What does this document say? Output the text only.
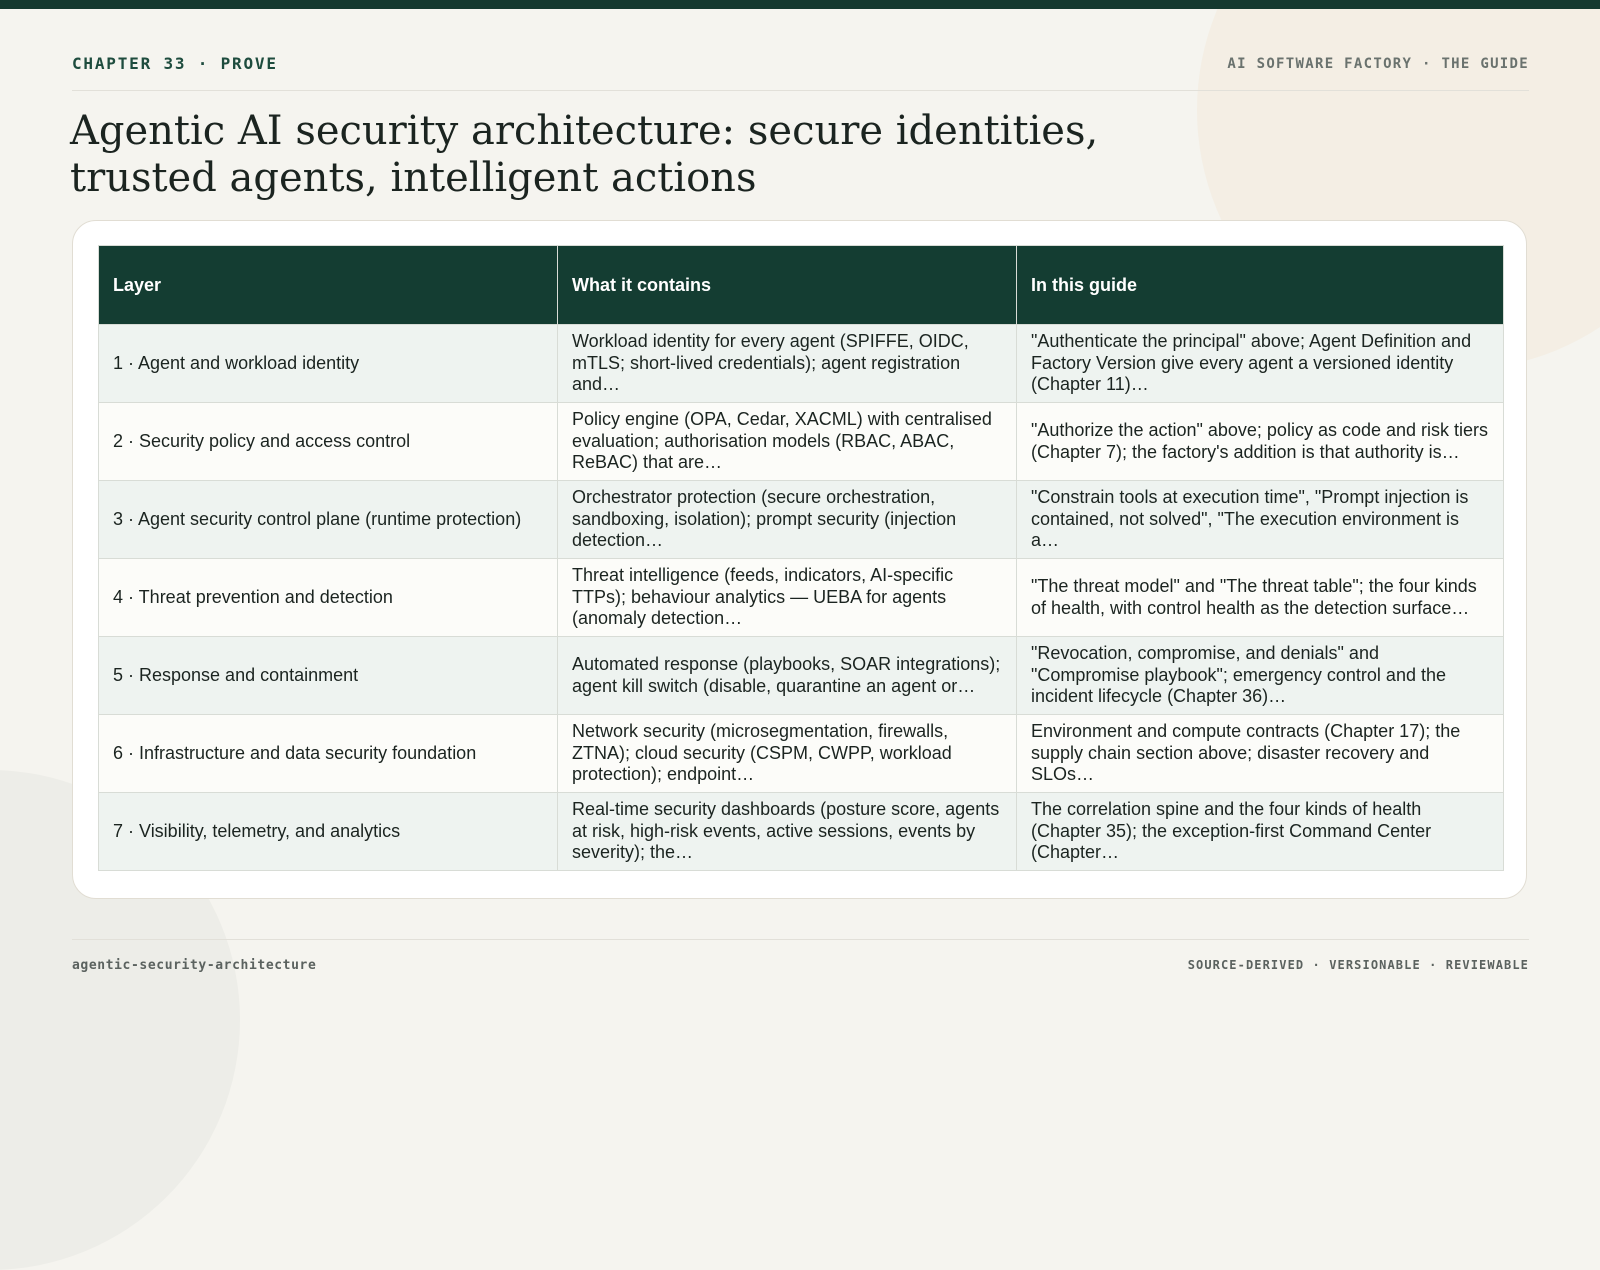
CHAPTER 33 · PROVE	AI SOFTWARE FACTORY · THE GUIDE
Agentic AI security architecture: secure identities,
trusted agents, intelligent actions
Layer	What it contains	In this guide

1 · Agent and workload identity	Workload identity for every agent (SPIFFE, OIDC, mTLS; short-lived credentials); agent registration and…	"Authenticate the principal" above; Agent Definition and Factory Version give every agent a versioned identity (Chapter 11)…

2 · Security policy and access control	Policy engine (OPA, Cedar, XACML) with centralised evaluation; authorisation models (RBAC, ABAC, ReBAC) that are…	"Authorize the action" above; policy as code and risk tiers (Chapter 7); the factory's addition is that authority is…

3 · Agent security control plane (runtime protection)	Orchestrator protection (secure orchestration, sandboxing, isolation); prompt security (injection detection…	"Constrain tools at execution time", "Prompt injection is contained, not solved", "The execution environment is a…

4 · Threat prevention and detection	Threat intelligence (feeds, indicators, AI-specific TTPs); behaviour analytics — UEBA for agents (anomaly detection…	"The threat model" and "The threat table"; the four kinds of health, with control health as the detection surface…

5 · Response and containment	Automated response (playbooks, SOAR integrations); agent kill switch (disable, quarantine an agent or…	"Revocation, compromise, and denials" and "Compromise playbook"; emergency control and the incident lifecycle (Chapter 36)…

6 · Infrastructure and data security foundation	Network security (microsegmentation, firewalls, ZTNA); cloud security (CSPM, CWPP, workload protection); endpoint…	Environment and compute contracts (Chapter 17); the supply chain section above; disaster recovery and SLOs…

7 · Visibility, telemetry, and analytics	Real-time security dashboards (posture score, agents at risk, high-risk events, active sessions, events by severity); the…	The correlation spine and the four kinds of health (Chapter 35); the exception-first Command Center (Chapter…
agentic-security-architecture	SOURCE-DERIVED · VERSIONABLE · REVIEWABLE
